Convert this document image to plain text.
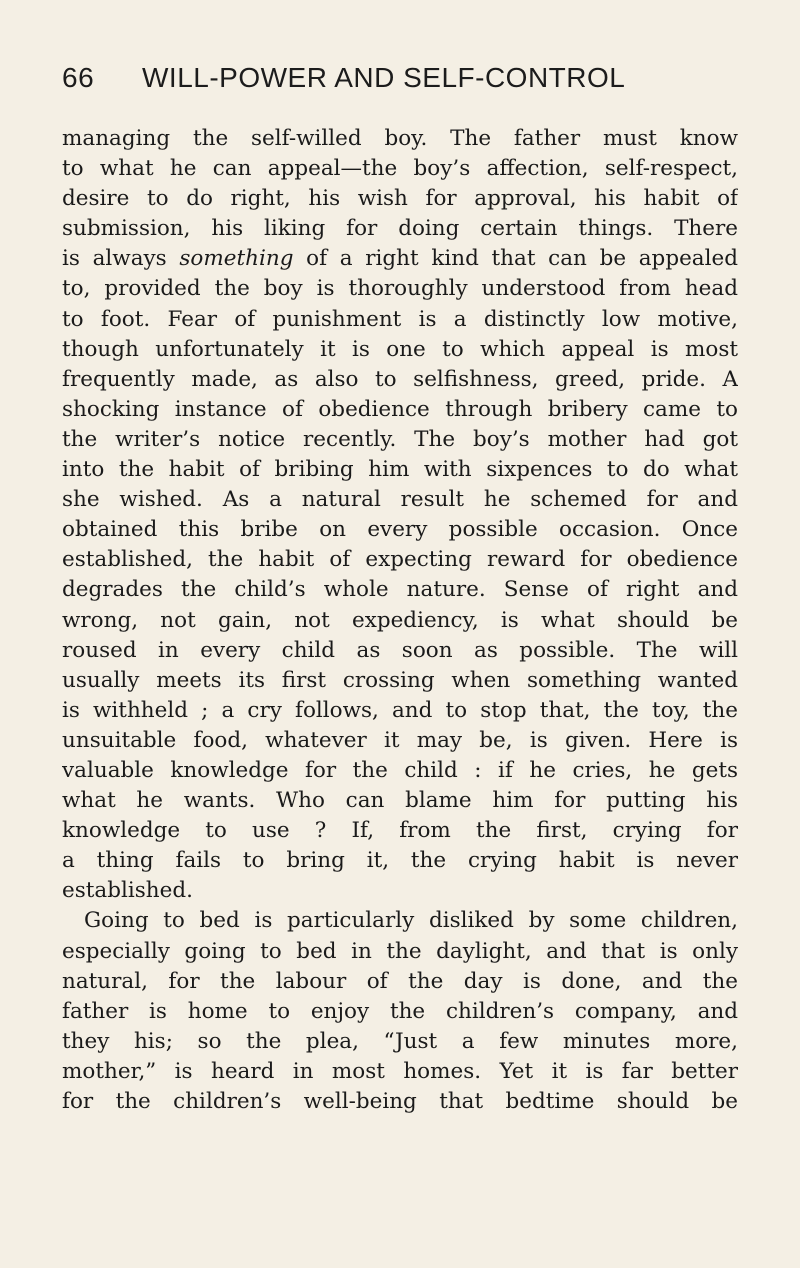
66 WILL-POWER AND SELF-CONTROL
managing the self-willed boy. The father must know
to what he can appeal—the boy’s affection, self-respect,
desire to do right, his wish for approval, his habit of
submission, his liking for doing certain things. There
is always something of a right kind that can be appealed
to, provided the boy is thoroughly understood from head
to foot. Fear of punishment is a distinctly low motive,
though unfortunately it is one to which appeal is most
frequently made, as also to selfishness, greed, pride. A
shocking instance of obedience through bribery came to
the writer’s notice recently. The boy’s mother had got
into the habit of bribing him with sixpences to do what
she wished. As a natural result he schemed for and
obtained this bribe on every possible occasion. Once
established, the habit of expecting reward for obedience
degrades the child’s whole nature. Sense of right and
wrong, not gain, not expediency, is what should be
roused in every child as soon as possible. The will
usually meets its first crossing when something wanted
is withheld ; a cry follows, and to stop that, the toy, the
unsuitable food, whatever it may be, is given. Here is
valuable knowledge for the child : if he cries, he gets
what he wants. Who can blame him for putting his
knowledge to use ? If, from the first, crying for
a thing fails to bring it, the crying habit is never
established.
Going to bed is particularly disliked by some children,
especially going to bed in the daylight, and that is only
natural, for the labour of the day is done, and the
father is home to enjoy the children’s company, and
they his; so the plea, “Just a few minutes more,
mother,” is heard in most homes. Yet it is far better
for the children’s well-being that bedtime should be
